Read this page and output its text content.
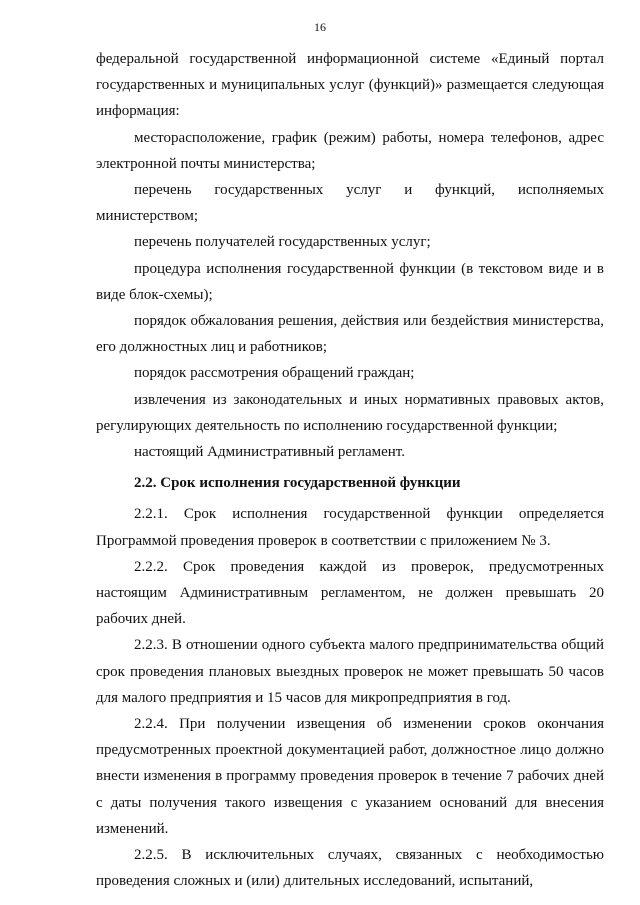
16

федеральной государственной информационной системе «Единый портал государственных и муниципальных услуг (функций)» размещается следующая информация:

месторасположение, график (режим) работы, номера телефонов, адрес электронной почты министерства;

перечень государственных услуг и функций, исполняемых министерством;

перечень получателей государственных услуг;

процедура исполнения государственной функции (в текстовом виде и в виде блок-схемы);

порядок обжалования решения, действия или бездействия министерства, его должностных лиц и работников;

порядок рассмотрения обращений граждан;

извлечения из законодательных и иных нормативных правовых актов, регулирующих деятельность по исполнению государственной функции;

настоящий Административный регламент.

2.2. Срок исполнения государственной функции

2.2.1. Срок исполнения государственной функции определяется Программой проведения проверок в соответствии с приложением № 3.

2.2.2. Срок проведения каждой из проверок, предусмотренных настоящим Административным регламентом, не должен превышать 20 рабочих дней.

2.2.3. В отношении одного субъекта малого предпринимательства общий срок проведения плановых выездных проверок не может превышать 50 часов для малого предприятия и 15 часов для микропредприятия в год.

2.2.4. При получении извещения об изменении сроков окончания предусмотренных проектной документацией работ, должностное лицо должно внести изменения в программу проведения проверок в течение 7 рабочих дней с даты получения такого извещения с указанием оснований для внесения изменений.

2.2.5. В исключительных случаях, связанных с необходимостью проведения сложных и (или) длительных исследований, испытаний,
